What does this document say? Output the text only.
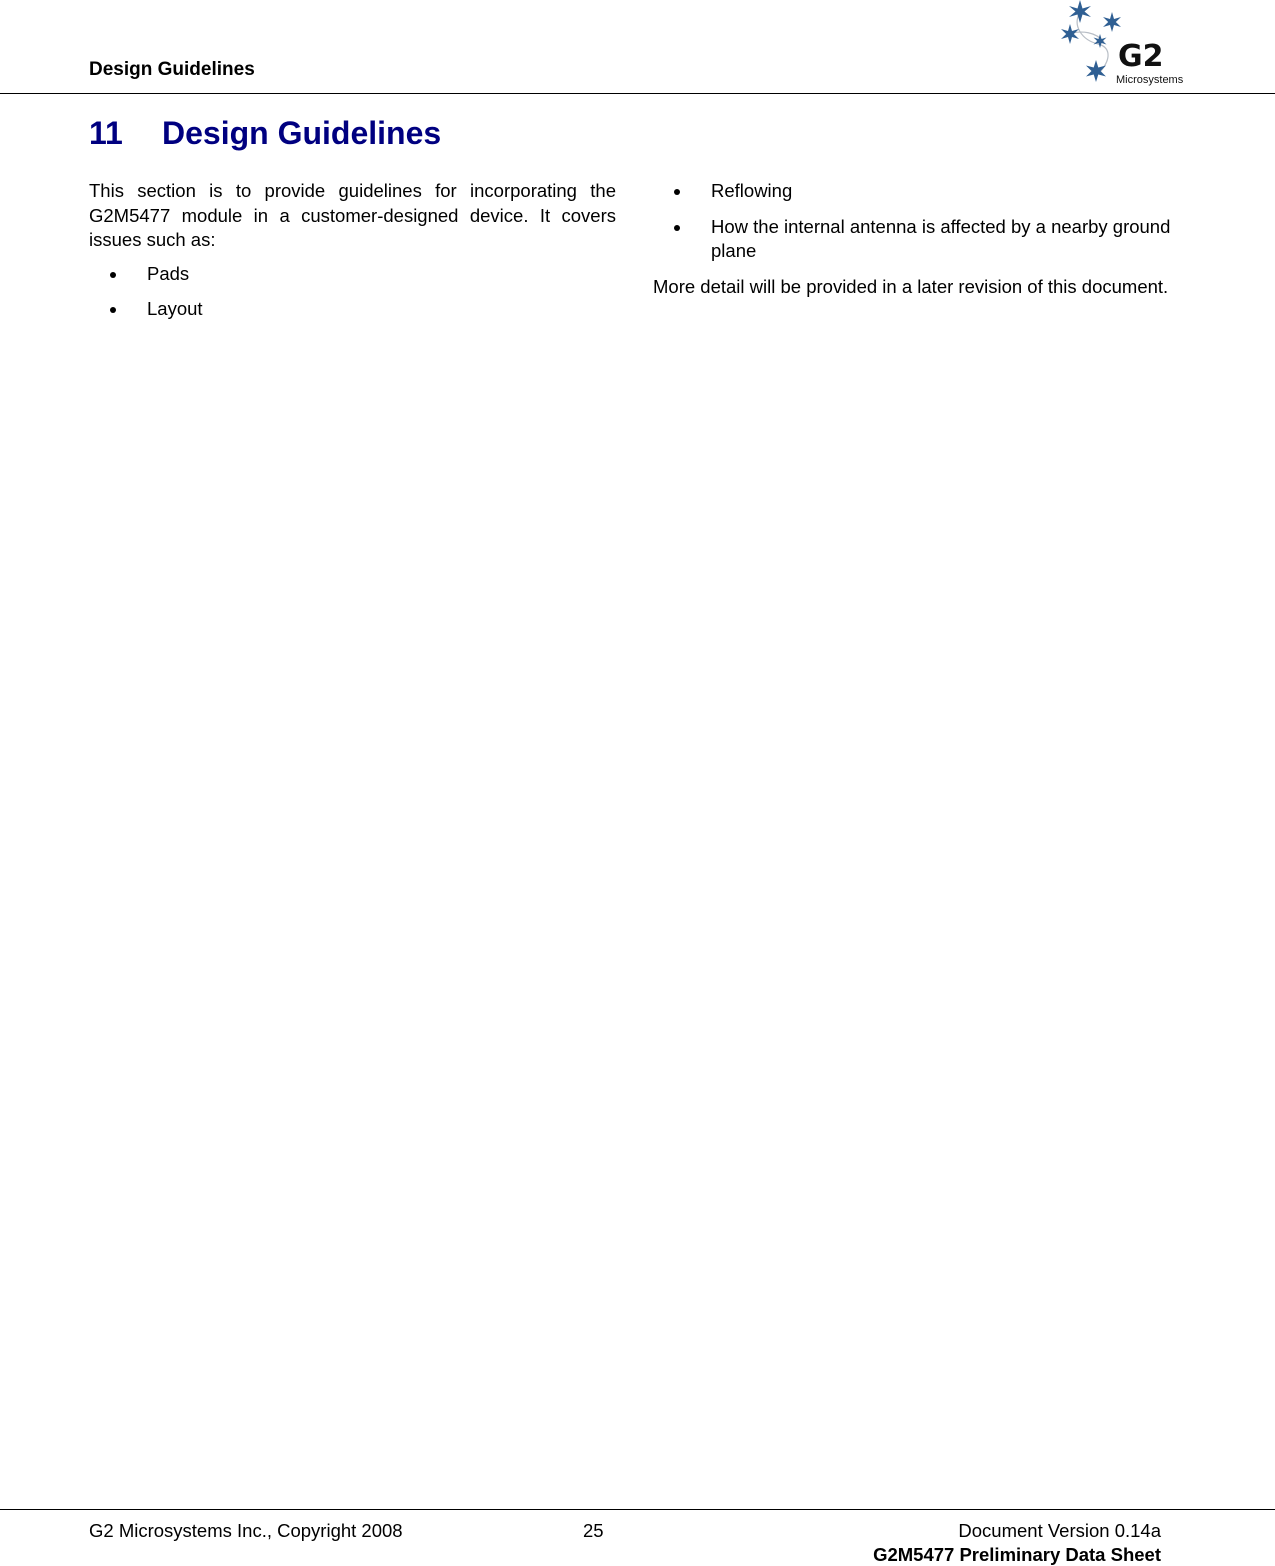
Design Guidelines	G2
Microsystems
11 Design Guidelines

This section is to provide guidelines for incorporating the G2M5477 module in a customer-designed device. It covers issues such as:

Pads
Layout
Reflowing
How the internal antenna is affected by a nearby ground plane

More detail will be provided in a later revision of this document.

G2 Microsystems Inc., Copyright 2008	25	Document Version 0.14a
G2M5477 Preliminary Data Sheet
